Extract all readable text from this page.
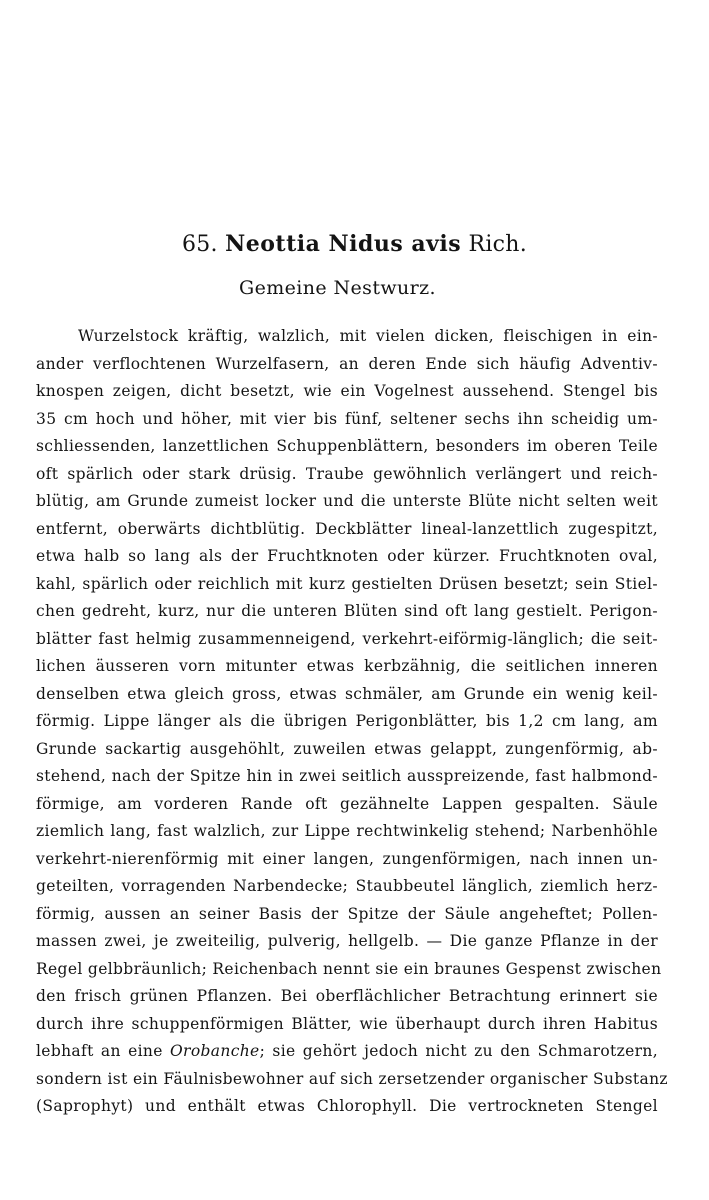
65. Neottia Nidus avis Rich.
Gemeine Nestwurz.
Wurzelstock kräftig, walzlich, mit vielen dicken, fleischigen in ein-
ander verflochtenen Wurzelfasern, an deren Ende sich häufig Adventiv-
knospen zeigen, dicht besetzt, wie ein Vogelnest aussehend. Stengel bis
35 cm hoch und höher, mit vier bis fünf, seltener sechs ihn scheidig um-
schliessenden, lanzettlichen Schuppenblättern, besonders im oberen Teile
oft spärlich oder stark drüsig. Traube gewöhnlich verlängert und reich-
blütig, am Grunde zumeist locker und die unterste Blüte nicht selten weit
entfernt, oberwärts dichtblütig. Deckblätter lineal-lanzettlich zugespitzt,
etwa halb so lang als der Fruchtknoten oder kürzer. Fruchtknoten oval,
kahl, spärlich oder reichlich mit kurz gestielten Drüsen besetzt; sein Stiel-
chen gedreht, kurz, nur die unteren Blüten sind oft lang gestielt. Perigon-
blätter fast helmig zusammenneigend, verkehrt-eiförmig-länglich; die seit-
lichen äusseren vorn mitunter etwas kerbzähnig, die seitlichen inneren
denselben etwa gleich gross, etwas schmäler, am Grunde ein wenig keil-
förmig. Lippe länger als die übrigen Perigonblätter, bis 1,2 cm lang, am
Grunde sackartig ausgehöhlt, zuweilen etwas gelappt, zungenförmig, ab-
stehend, nach der Spitze hin in zwei seitlich ausspreizende, fast halbmond-
förmige, am vorderen Rande oft gezähnelte Lappen gespalten. Säule
ziemlich lang, fast walzlich, zur Lippe rechtwinkelig stehend; Narbenhöhle
verkehrt-nierenförmig mit einer langen, zungenförmigen, nach innen un-
geteilten, vorragenden Narbendecke; Staubbeutel länglich, ziemlich herz-
förmig, aussen an seiner Basis der Spitze der Säule angeheftet; Pollen-
massen zwei, je zweiteilig, pulverig, hellgelb. — Die ganze Pflanze in der
Regel gelbbräunlich; Reichenbach nennt sie ein braunes Gespenst zwischen
den frisch grünen Pflanzen. Bei oberflächlicher Betrachtung erinnert sie
durch ihre schuppenförmigen Blätter, wie überhaupt durch ihren Habitus
lebhaft an eine Orobanche; sie gehört jedoch nicht zu den Schmarotzern,
sondern ist ein Fäulnisbewohner auf sich zersetzender organischer Substanz
(Saprophyt) und enthält etwas Chlorophyll. Die vertrockneten Stengel
